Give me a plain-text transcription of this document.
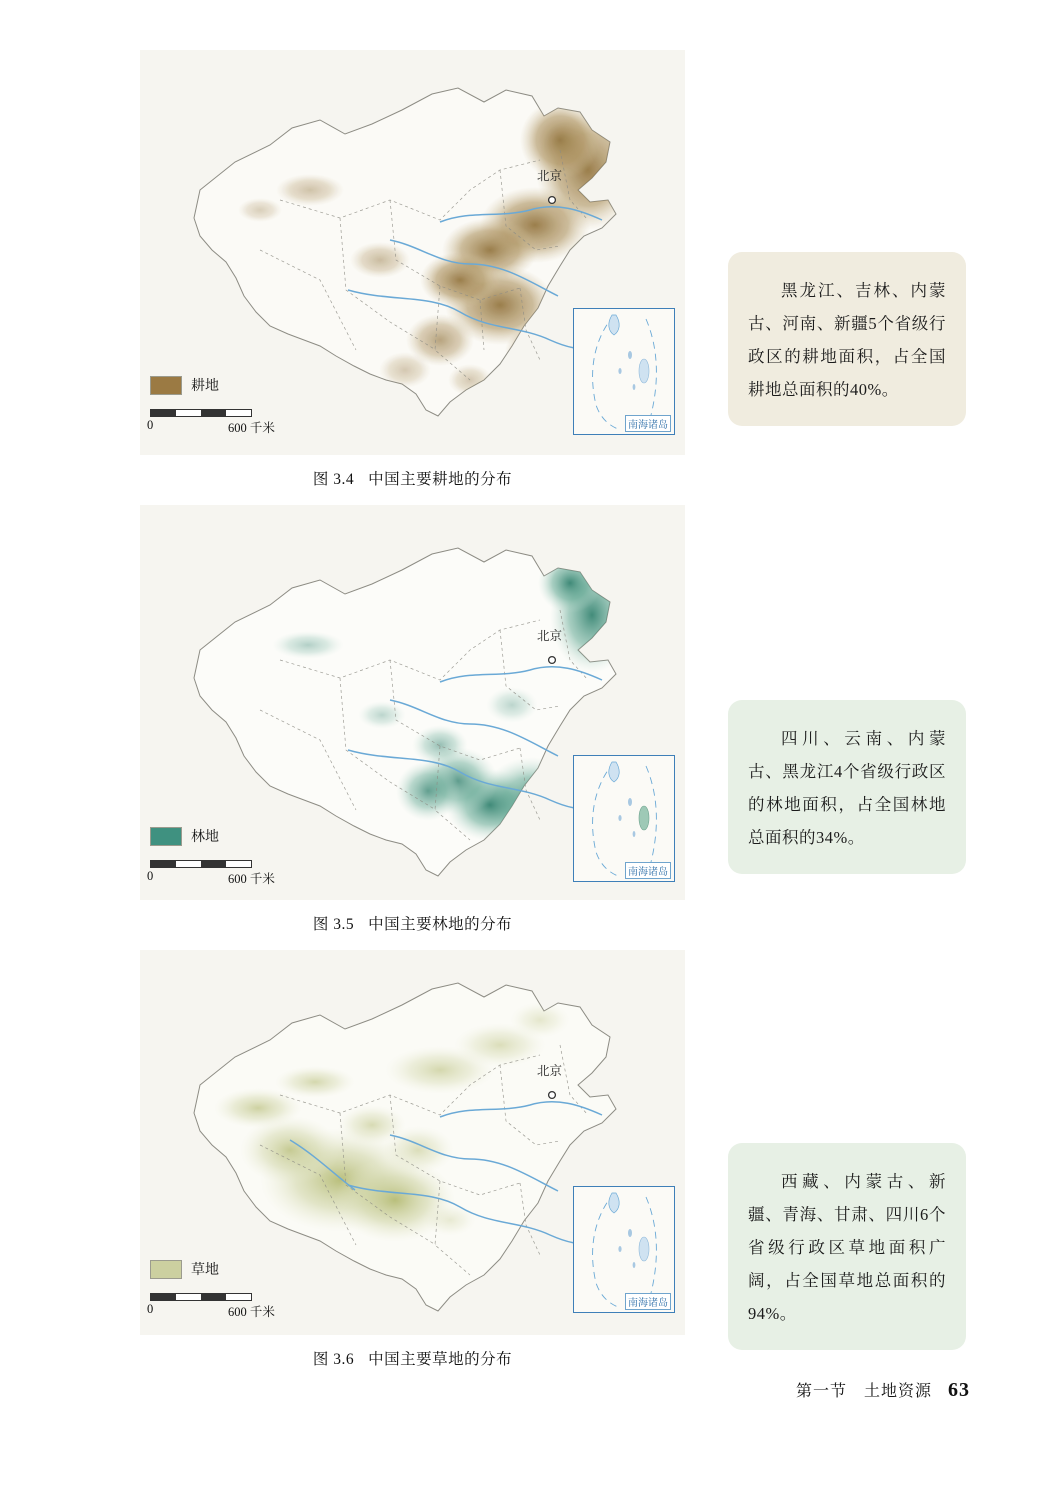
北京
南海诸岛
耕地
0	600 千米
图 3.4 中国主要耕地的分布
北京
南海诸岛
林地
0	600 千米
图 3.5 中国主要林地的分布
北京
南海诸岛
草地
0	600 千米
图 3.6 中国主要草地的分布

黑龙江、吉林、内蒙古、河南、新疆5个省级行政区的耕地面积，占全国耕地总面积的40%。

四川、云南、内蒙古、黑龙江4个省级行政区的林地面积，占全国林地总面积的34%。

西藏、内蒙古、新疆、青海、甘肃、四川6个省级行政区草地面积广阔，占全国草地总面积的94%。

第一节　土地资源 63
